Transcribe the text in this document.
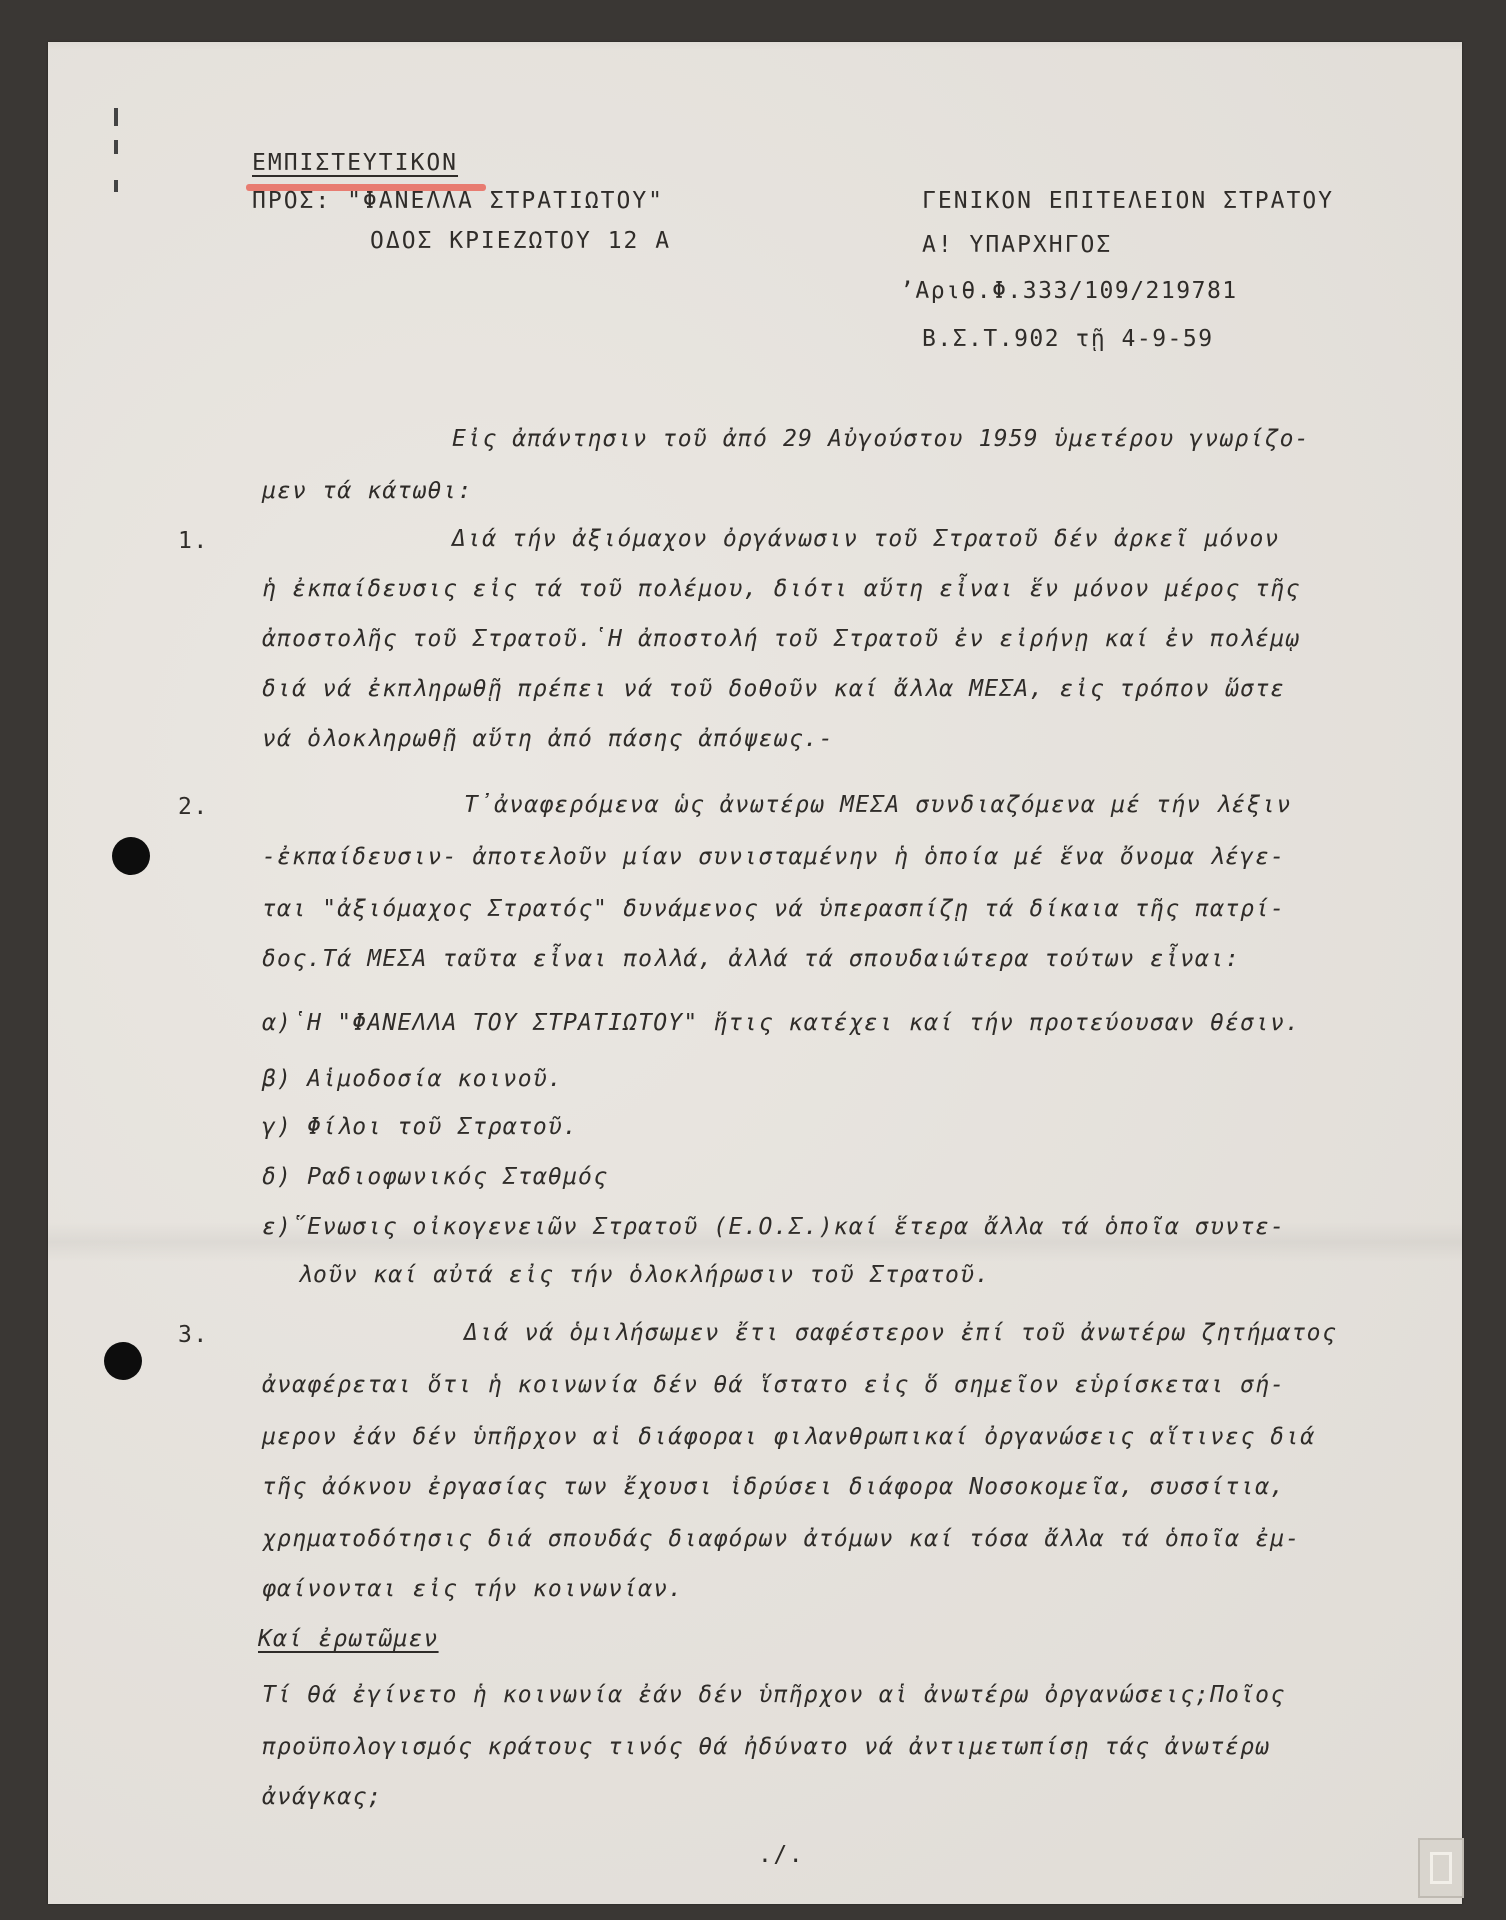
ΕΜΠΙΣΤΕΥΤΙΚΟΝ
ΠΡΟΣ: "ΦΑΝΕΛΛΑ ΣΤΡΑΤΙΩΤΟΥ"
ΟΔΟΣ ΚΡΙΕΖΩΤΟΥ 12 Α
ΓΕΝΙΚΟΝ ΕΠΙΤΕΛΕΙΟΝ ΣΤΡΑΤΟΥ
Α! ΥΠΑΡΧΗΓΟΣ
’Αριθ.Φ.333/109/219781
Β.Σ.Τ.902 τῇ 4-9-59
Εἰς ἀπάντησιν τοῦ ἀπό 29 Αὐγούστου 1959 ὑμετέρου γνωρίζο-
μεν τά κάτωθι:
1.	Διά τήν ἀξιόμαχον ὀργάνωσιν τοῦ Στρατοῦ δέν ἀρκεῖ μόνον
ἡ ἐκπαίδευσις εἰς τά τοῦ πολέμου, διότι αὕτη εἶναι ἕν μόνον μέρος τῆς
ἀποστολῆς τοῦ Στρατοῦ.῾Η ἀποστολή τοῦ Στρατοῦ ἐν εἰρήνῃ καί ἐν πολέμῳ
διά νά ἐκπληρωθῇ πρέπει νά τοῦ δοθοῦν καί ἄλλα ΜΕΣΑ, εἰς τρόπον ὥστε
νά ὁλοκληρωθῇ αὕτη ἀπό πάσης ἀπόψεως.-
2.	Τ᾽ἀναφερόμενα ὡς ἀνωτέρω ΜΕΣΑ συνδιαζόμενα μέ τήν λέξιν
-ἐκπαίδευσιν- ἀποτελοῦν μίαν συνισταμένην ἡ ὁποία μέ ἕνα ὄνομα λέγε-
ται "ἀξιόμαχος Στρατός" δυνάμενος νά ὑπερασπίζῃ τά δίκαια τῆς πατρί-
δος.Τά ΜΕΣΑ ταῦτα εἶναι πολλά, ἀλλά τά σπουδαιώτερα τούτων εἶναι:
α)῾Η "ΦΑΝΕΛΛΑ ΤΟΥ ΣΤΡΑΤΙΩΤΟΥ" ἥτις κατέχει καί τήν προτεύουσαν θέσιν.
β) Αἱμοδοσία κοινοῦ.
γ) Φίλοι τοῦ Στρατοῦ.
δ) Ραδιοφωνικός Σταθμός
ε)῞Ενωσις οἰκογενειῶν Στρατοῦ (Ε.Ο.Σ.)καί ἕτερα ἄλλα τά ὁποῖα συντε-
λοῦν καί αὐτά εἰς τήν ὁλοκλήρωσιν τοῦ Στρατοῦ.
3.	Διά νά ὁμιλήσωμεν ἔτι σαφέστερον ἐπί τοῦ ἀνωτέρω ζητήματος
ἀναφέρεται ὅτι ἡ κοινωνία δέν θά ἵστατο εἰς ὅ σημεῖον εὑρίσκεται σή-
μερον ἐάν δέν ὑπῆρχον αἱ διάφοραι φιλανθρωπικαί ὀργανώσεις αἵτινες διά
τῆς ἀόκνου ἐργασίας των ἔχουσι ἱδρύσει διάφορα Νοσοκομεῖα, συσσίτια,
χρηματοδότησις διά σπουδάς διαφόρων ἀτόμων καί τόσα ἄλλα τά ὁποῖα ἐμ-
φαίνονται εἰς τήν κοινωνίαν.
Καί ἐρωτῶμεν
Τί θά ἐγίνετο ἡ κοινωνία ἐάν δέν ὑπῆρχον αἱ ἀνωτέρω ὀργανώσεις;Ποῖος
προϋπολογισμός κράτους τινός θά ἠδύνατο νά ἀντιμετωπίσῃ τάς ἀνωτέρω
ἀνάγκας;
./.
